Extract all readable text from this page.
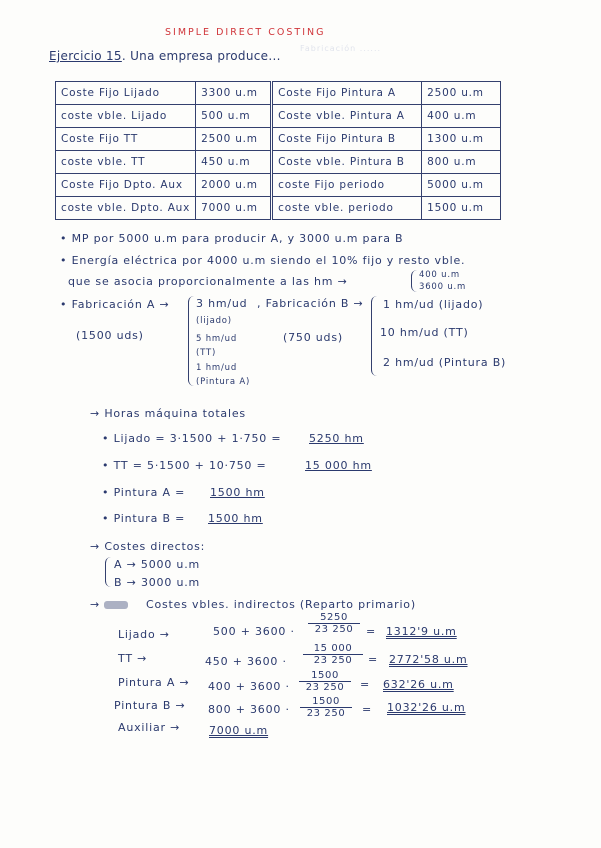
SIMPLE DIRECT COSTING
Ejercicio 15. Una empresa produce...
Fabricación ......
Coste Fijo Lijado	3300 u.m	Coste Fijo Pintura A	2500 u.m
coste vble. Lijado	500 u.m	Coste vble. Pintura A	400 u.m
Coste Fijo TT	2500 u.m	Coste Fijo Pintura B	1300 u.m
coste vble. TT	450 u.m	Coste vble. Pintura B	800 u.m
Coste Fijo Dpto. Aux	2000 u.m	coste Fijo periodo	5000 u.m
coste vble. Dpto. Aux	7000 u.m	coste vble. periodo	1500 u.m
• MP por 5000 u.m para producir A, y 3000 u.m para B
• Energía eléctrica por 4000 u.m siendo el 10% fijo y resto vble.
que se asocia proporcionalmente a las hm →	400 u.m
3600 u.m
• Fabricación A →
(1500 uds)
3 hm/ud
(lijado)
5 hm/ud
(TT)
1 hm/ud
(Pintura A)
, Fabricación B →
(750 uds)
1 hm/ud (lijado)
10 hm/ud (TT)
2 hm/ud (Pintura B)
→ Horas máquina totales
• Lijado = 3·1500 + 1·750 =	5250 hm
• TT = 5·1500 + 10·750 =	15 000 hm
• Pintura A = 1500 hm
• Pintura B = 1500 hm
→ Costes directos:
A → 5000 u.m
B → 3000 u.m
→	Costes vbles. indirectos (Reparto primario)
Lijado →	$500 + 3600 \cdot \frac{5250}{23 250} = 1312'9$ u.m
TT →	$450 + 3600 \cdot \frac{15 000}{23 250} = 2772'58$ u.m
Pintura $A \to 400 + 3600 \cdot \frac{1500}{23 250} = 632'26$ u.m
Pintura $B \to 800 + 3600 \cdot \frac{1500}{23 250} = 1032'26$ u.m
Auxiliar →	7000 u.m
